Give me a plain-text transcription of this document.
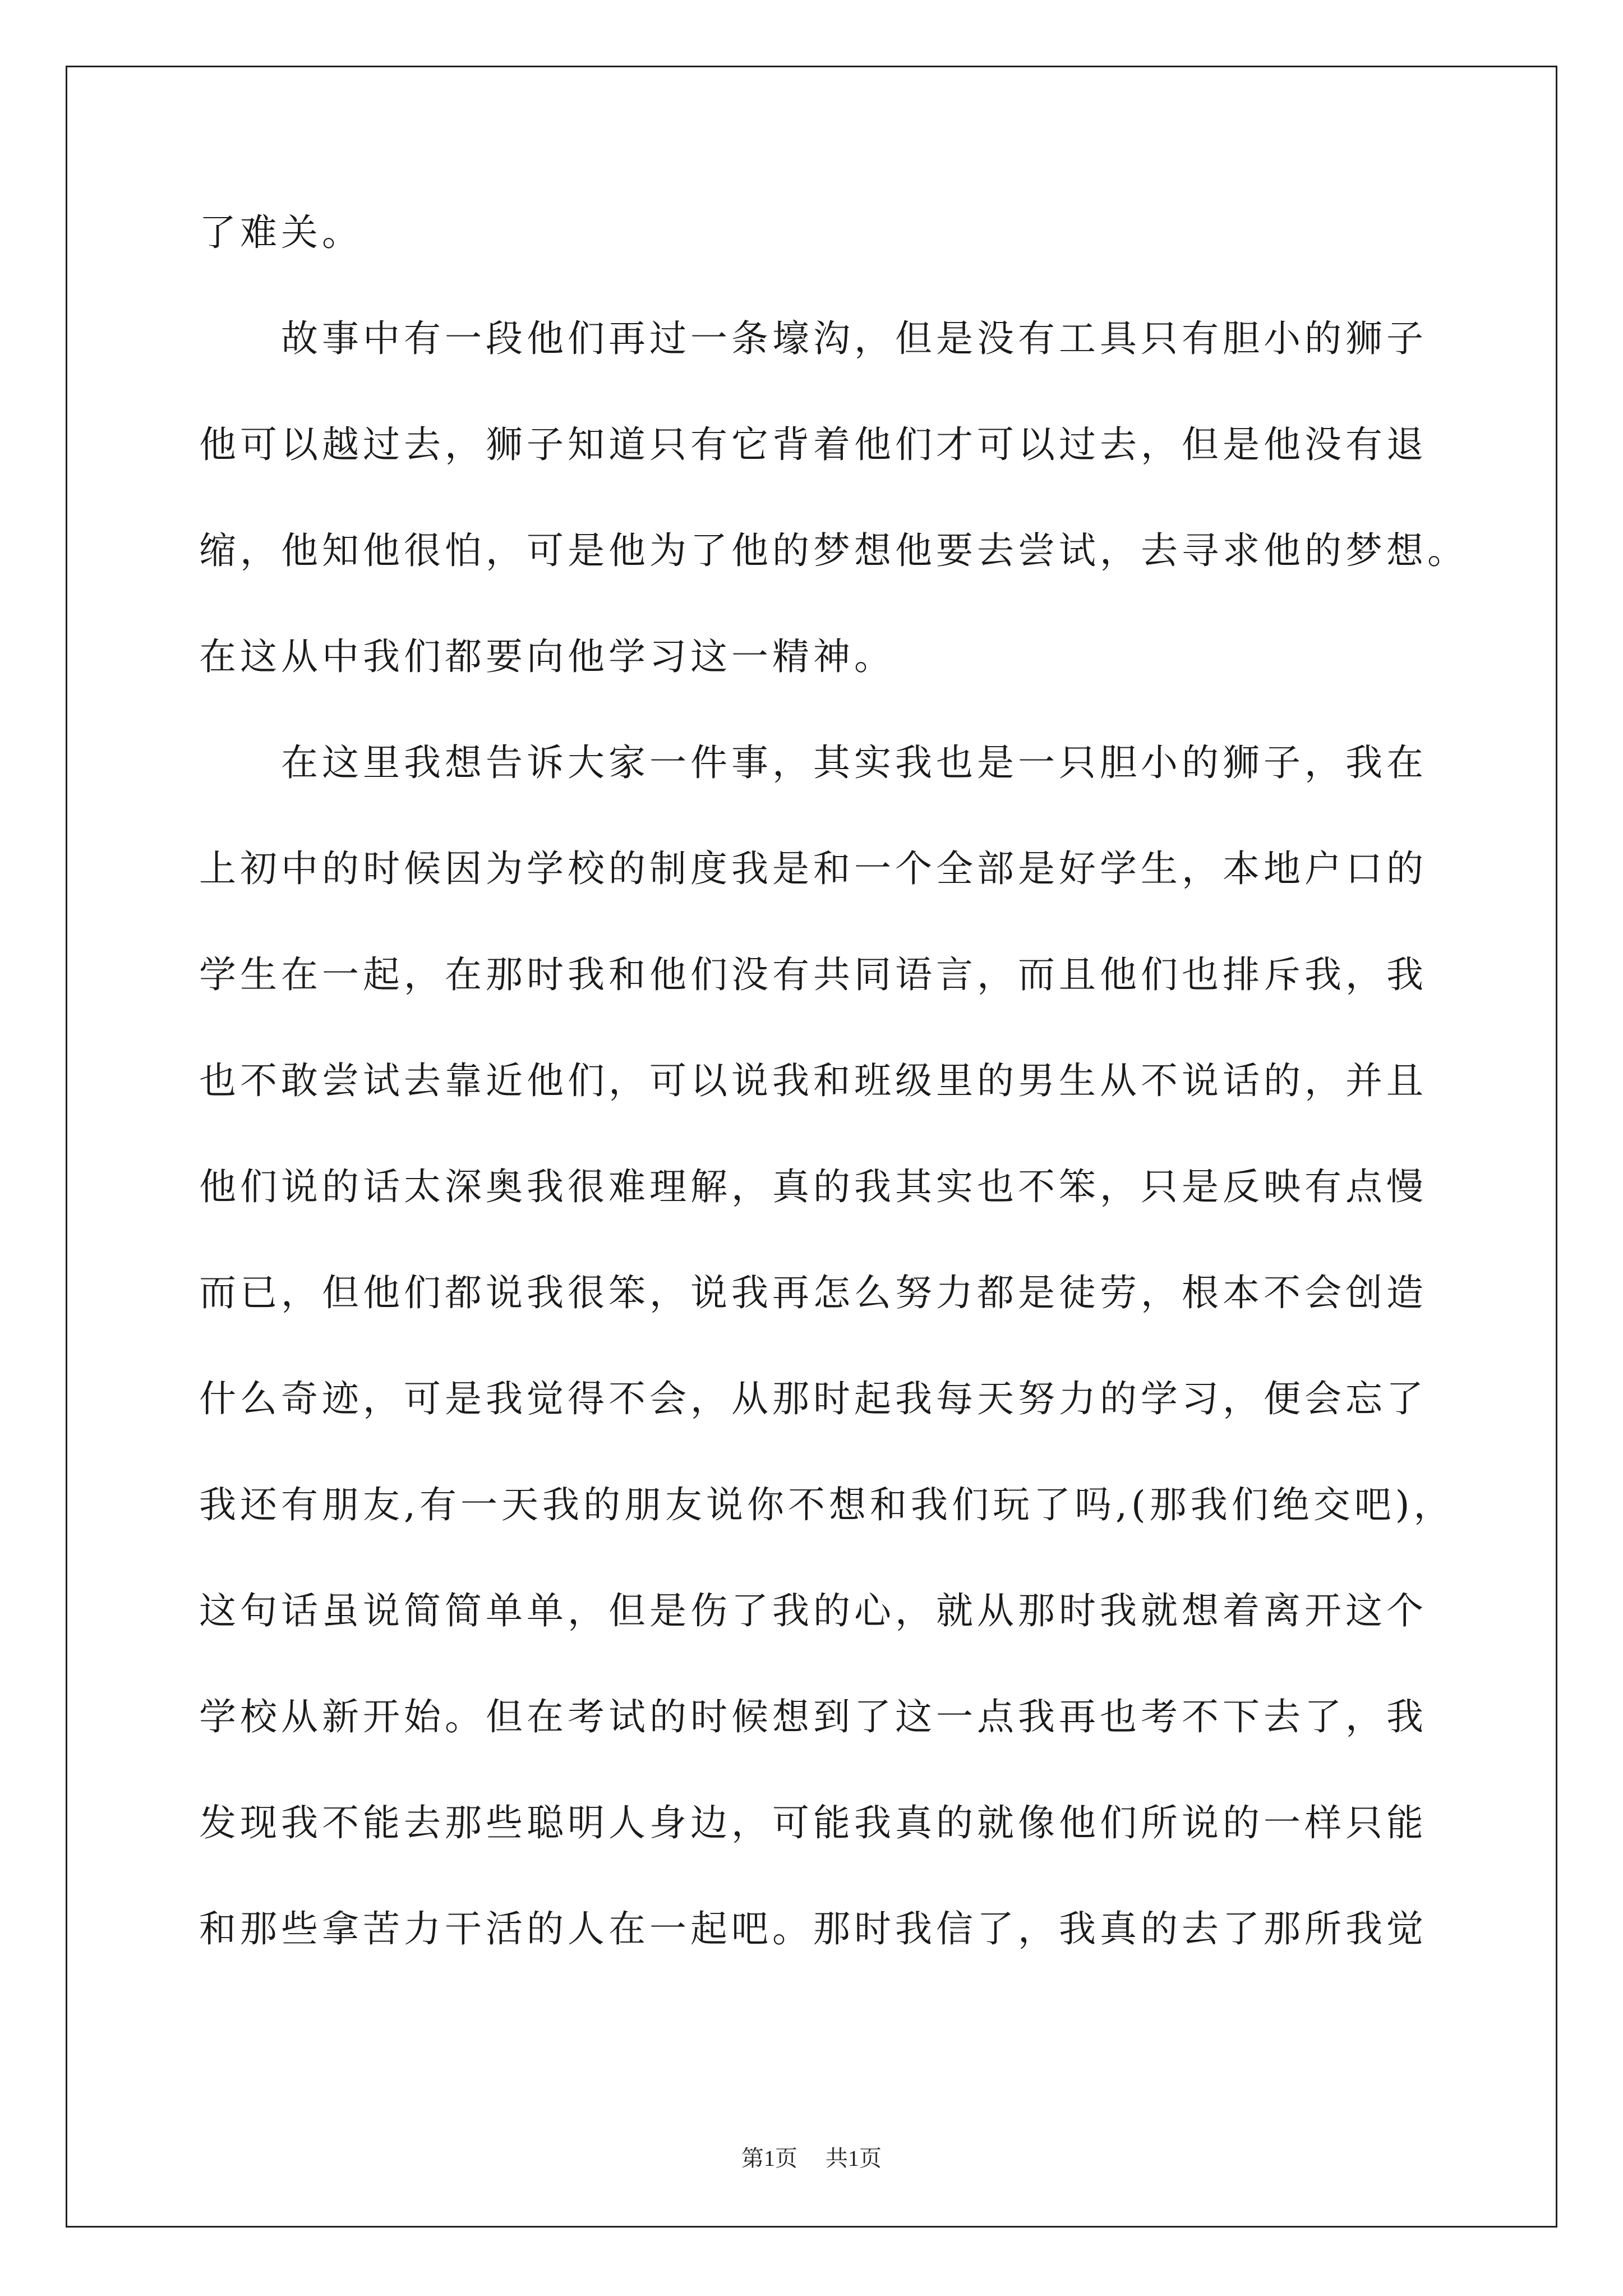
了难关。
故事中有一段他们再过一条壕沟，但是没有工具只有胆小的狮子
他可以越过去，狮子知道只有它背着他们才可以过去，但是他没有退
缩，他知他很怕，可是他为了他的梦想他要去尝试，去寻求他的梦想。
在这从中我们都要向他学习这一精神。
在这里我想告诉大家一件事，其实我也是一只胆小的狮子，我在
上初中的时候因为学校的制度我是和一个全部是好学生，本地户口的
学生在一起，在那时我和他们没有共同语言，而且他们也排斥我，我
也不敢尝试去靠近他们，可以说我和班级里的男生从不说话的，并且
他们说的话太深奥我很难理解，真的我其实也不笨，只是反映有点慢
而已，但他们都说我很笨，说我再怎么努力都是徒劳，根本不会创造
什么奇迹，可是我觉得不会，从那时起我每天努力的学习，便会忘了
我还有朋友,有一天我的朋友说你不想和我们玩了吗,(那我们绝交吧)，
这句话虽说简简单单，但是伤了我的心，就从那时我就想着离开这个
学校从新开始。但在考试的时候想到了这一点我再也考不下去了，我
发现我不能去那些聪明人身边，可能我真的就像他们所说的一样只能
和那些拿苦力干活的人在一起吧。那时我信了，我真的去了那所我觉
第1页 共1页
